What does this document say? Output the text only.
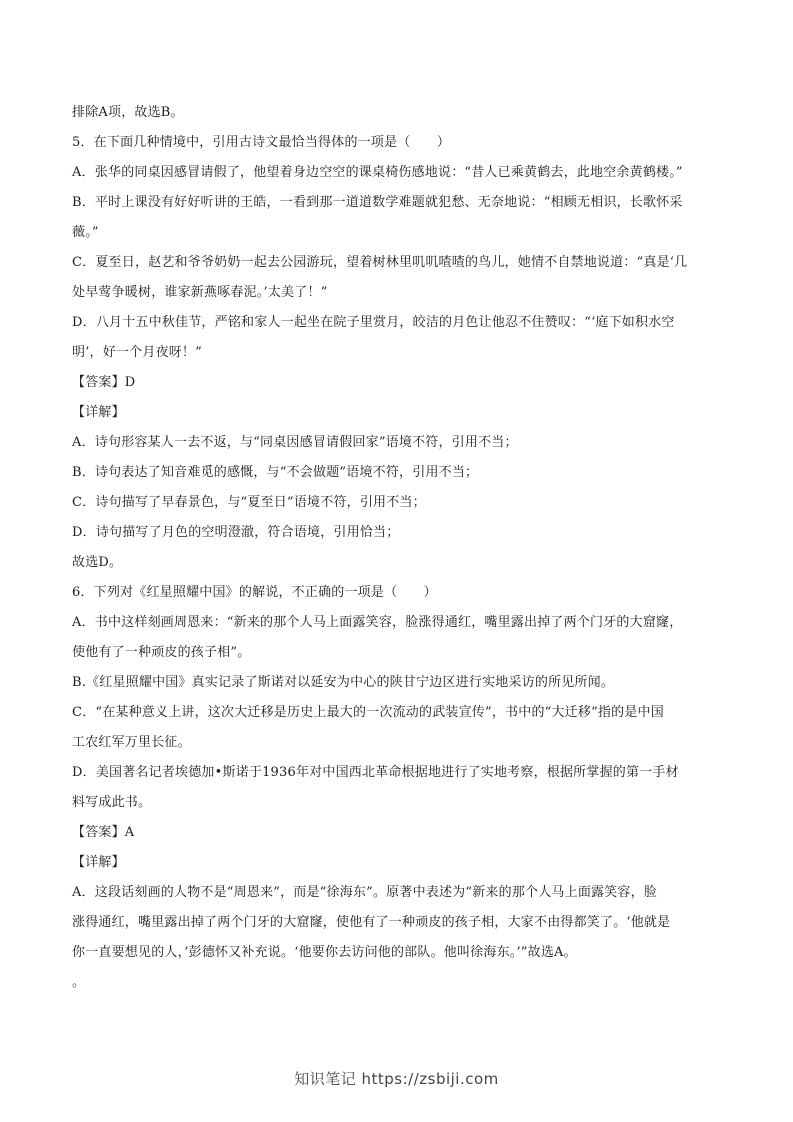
排除A项，故选B。

5．在下面几种情境中，引用古诗文最恰当得体的一项是（　　）

A．张华的同桌因感冒请假了，他望着身边空空的课桌椅伤感地说：“昔人已乘黄鹤去，此地空余黄鹤楼。”

B．平时上课没有好好听讲的王皓，一看到那一道道数学难题就犯愁、无奈地说：“相顾无相识，长歌怀采

薇。”

C．夏至日，赵艺和爷爷奶奶一起去公园游玩，望着树林里叽叽喳喳的鸟儿，她情不自禁地说道：“真是‘几

处早莺争暖树，谁家新燕啄春泥。’太美了！”

D．八月十五中秋佳节，严铭和家人一起坐在院子里赏月，皎洁的月色让他忍不住赞叹：“‘庭下如积水空

明’，好一个月夜呀！”

【答案】D

【详解】

A．诗句形容某人一去不返，与“同桌因感冒请假回家”语境不符，引用不当；

B．诗句表达了知音难觅的感慨，与“不会做题”语境不符，引用不当；

C．诗句描写了早春景色，与“夏至日”语境不符，引用不当；

D．诗句描写了月色的空明澄澈，符合语境，引用恰当；

故选D。

6．下列对《红星照耀中国》的解说，不正确的一项是（　　）

A．书中这样刻画周恩来：“新来的那个人马上面露笑容，脸涨得通红，嘴里露出掉了两个门牙的大窟窿，

使他有了一种顽皮的孩子相”。

B.《红星照耀中国》真实记录了斯诺对以延安为中心的陕甘宁边区进行实地采访的所见所闻。

C．“在某种意义上讲，这次大迁移是历史上最大的一次流动的武装宣传”，书中的“大迁移”指的是中国

工农红军万里长征。

D．美国著名记者埃德加•斯诺于1936年对中国西北革命根据地进行了实地考察，根据所掌握的第一手材

料写成此书。

【答案】A

【详解】

A．这段话刻画的人物不是“周恩来”，而是“徐海东”。原著中表述为“新来的那个人马上面露笑容，脸

涨得通红，嘴里露出掉了两个门牙的大窟窿，使他有了一种顽皮的孩子相，大家不由得都笑了。‘他就是

你一直要想见的人，’彭德怀又补充说。‘他要你去访问他的部队。他叫徐海东。’”故选A。

。

知识笔记 https://zsbiji.com
